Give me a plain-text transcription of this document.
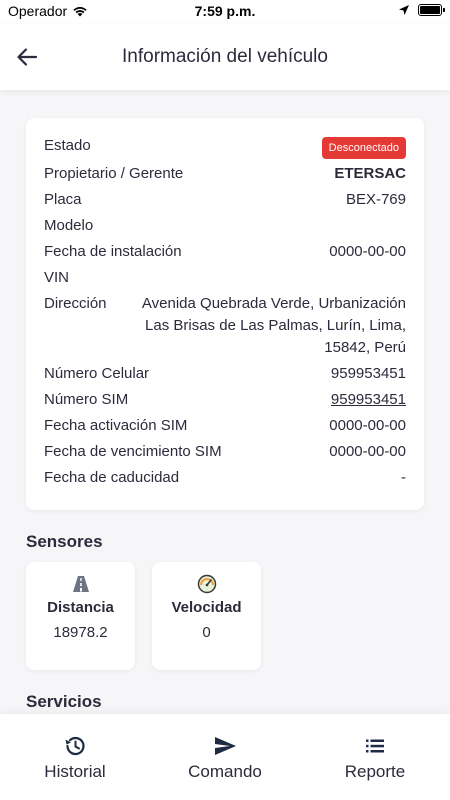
Operador	7:59 p.m.
Información del vehículo
Estado	Desconectado
Propietario / Gerente	ETERSAC
Placa	BEX-769
Modelo
Fecha de instalación	0000-00-00
VIN
Dirección	Avenida Quebrada Verde, Urbanización Las Brisas de Las Palmas, Lurín, Lima, 15842, Perú
Número Celular	959953451
Número SIM	959953451
Fecha activación SIM	0000-00-00
Fecha de vencimiento SIM	0000-00-00
Fecha de caducidad	-
Sensores
Distancia
18978.2
Velocidad
0
Servicios
Historial	Comando	Reporte
